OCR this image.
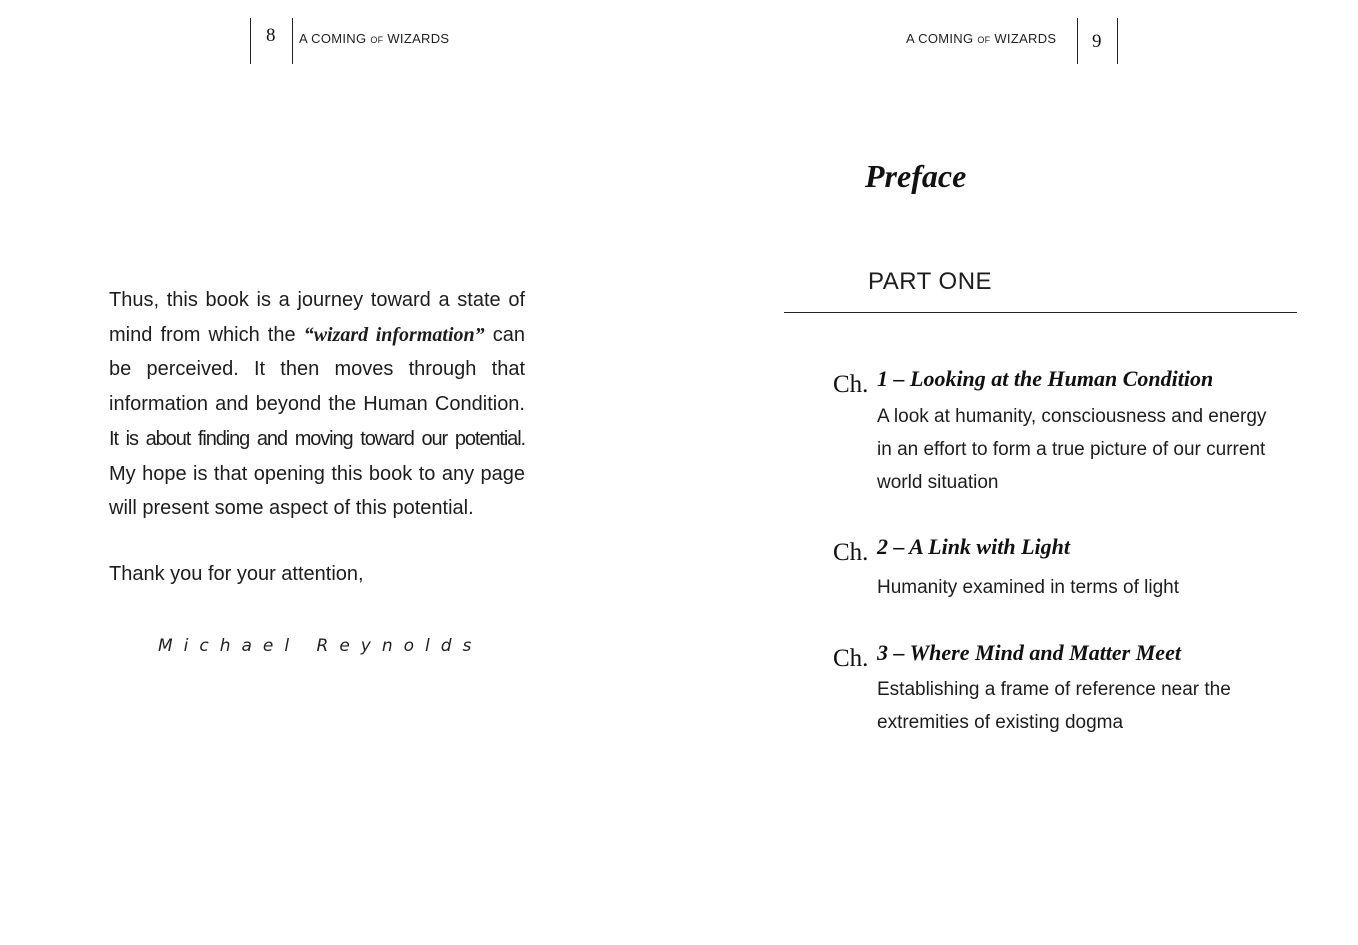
8 A COMING OF WIZARDS	A COMING OF WIZARDS 9

Thus, this book is a journey toward a state of mind from which the “wizard information” can be perceived. It then moves through that information and beyond the Human Condition. It is about finding and moving toward our potential. My hope is that opening this book to any page will present some aspect of this potential.

Thank you for your attention,
Michael Reynolds
Preface
PART ONE
Ch. 1 – Looking at the Human Condition
A look at humanity, consciousness and energy in an effort to form a true picture of our current world situation
Ch. 2 – A Link with Light
Humanity examined in terms of light
Ch. 3 – Where Mind and Matter Meet
Establishing a frame of reference near the extremities of existing dogma
